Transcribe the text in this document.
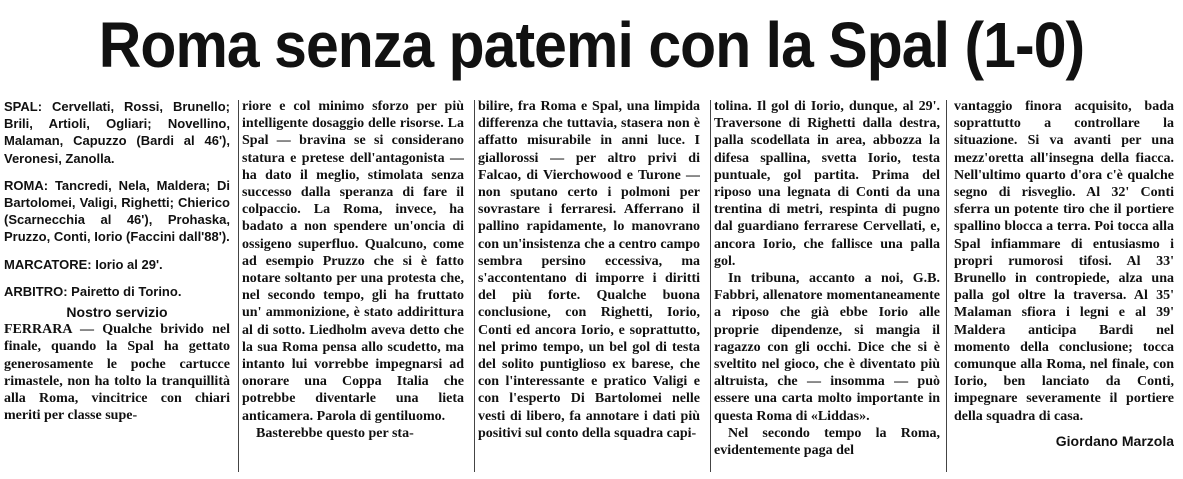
Roma senza patemi con la Spal (1-0)

SPAL: Cervellati, Rossi, Brunello; Brili, Artioli, Ogliari; Novellino, Malaman, Capuzzo (Bardi al 46'), Veronesi, Zanolla.

ROMA: Tancredi, Nela, Maldera; Di Bartolomei, Valigi, Righetti; Chierico (Scarnecchia al 46'), Prohaska, Pruzzo, Conti, Iorio (Faccini dall'88').

MARCATORE: Iorio al 29'.

ARBITRO: Pairetto di Torino.

Nostro servizio

FERRARA — Qualche brivido nel finale, quando la Spal ha gettato generosamente le poche cartucce rimastele, non ha tolto la tranquillità alla Roma, vincitrice con chiari meriti per classe supe-

riore e col minimo sforzo per più intelligente dosaggio delle risorse. La Spal — bravina se si considerano statura e pretese dell'antagonista — ha dato il meglio, stimolata senza successo dalla speranza di fare il colpaccio. La Roma, invece, ha badato a non spendere un'oncia di ossigeno superfluo. Qualcuno, come ad esempio Pruzzo che si è fatto notare soltanto per una protesta che, nel secondo tempo, gli ha fruttato un' ammonizione, è stato addirittura al di sotto. Liedholm aveva detto che la sua Roma pensa allo scudetto, ma intanto lui vorrebbe impegnarsi ad onorare una Coppa Italia che potrebbe diventarle una lieta anticamera. Parola di gentiluomo.

Basterebbe questo per sta-

bilire, fra Roma e Spal, una limpida differenza che tuttavia, stasera non è affatto misurabile in anni luce. I giallorossi — per altro privi di Falcao, di Vierchowood e Turone — non sputano certo i polmoni per sovrastare i ferraresi. Afferrano il pallino rapidamente, lo manovrano con un'insistenza che a centro campo sembra persino eccessiva, ma s'accontentano di imporre i diritti del più forte. Qualche buona conclusione, con Righetti, Iorio, Conti ed ancora Iorio, e soprattutto, nel primo tempo, un bel gol di testa del solito puntiglioso ex barese, che con l'interessante e pratico Valigi e con l'esperto Di Bartolomei nelle vesti di libero, fa annotare i dati più positivi sul conto della squadra capi-

tolina. Il gol di Iorio, dunque, al 29'. Traversone di Righetti dalla destra, palla scodellata in area, abbozza la difesa spallina, svetta Iorio, testa puntuale, gol partita. Prima del riposo una legnata di Conti da una trentina di metri, respinta di pugno dal guardiano ferrarese Cervellati, e, ancora Iorio, che fallisce una palla gol.

In tribuna, accanto a noi, G.B. Fabbri, allenatore momentaneamente a riposo che già ebbe Iorio alle proprie dipendenze, si mangia il ragazzo con gli occhi. Dice che si è sveltito nel gioco, che è diventato più altruista, che — insomma — può essere una carta molto importante in questa Roma di «Liddas».

Nel secondo tempo la Roma, evidentemente paga del

vantaggio finora acquisito, bada soprattutto a controllare la situazione. Si va avanti per una mezz'oretta all'insegna della fiacca. Nell'ultimo quarto d'ora c'è qualche segno di risveglio. Al 32' Conti sferra un potente tiro che il portiere spallino blocca a terra. Poi tocca alla Spal infiammare di entusiasmo i propri rumorosi tifosi. Al 33' Brunello in contropiede, alza una palla gol oltre la traversa. Al 35' Malaman sfiora i legni e al 39' Maldera anticipa Bardi nel momento della conclusione; tocca comunque alla Roma, nel finale, con Iorio, ben lanciato da Conti, impegnare severamente il portiere della squadra di casa.

Giordano Marzola
